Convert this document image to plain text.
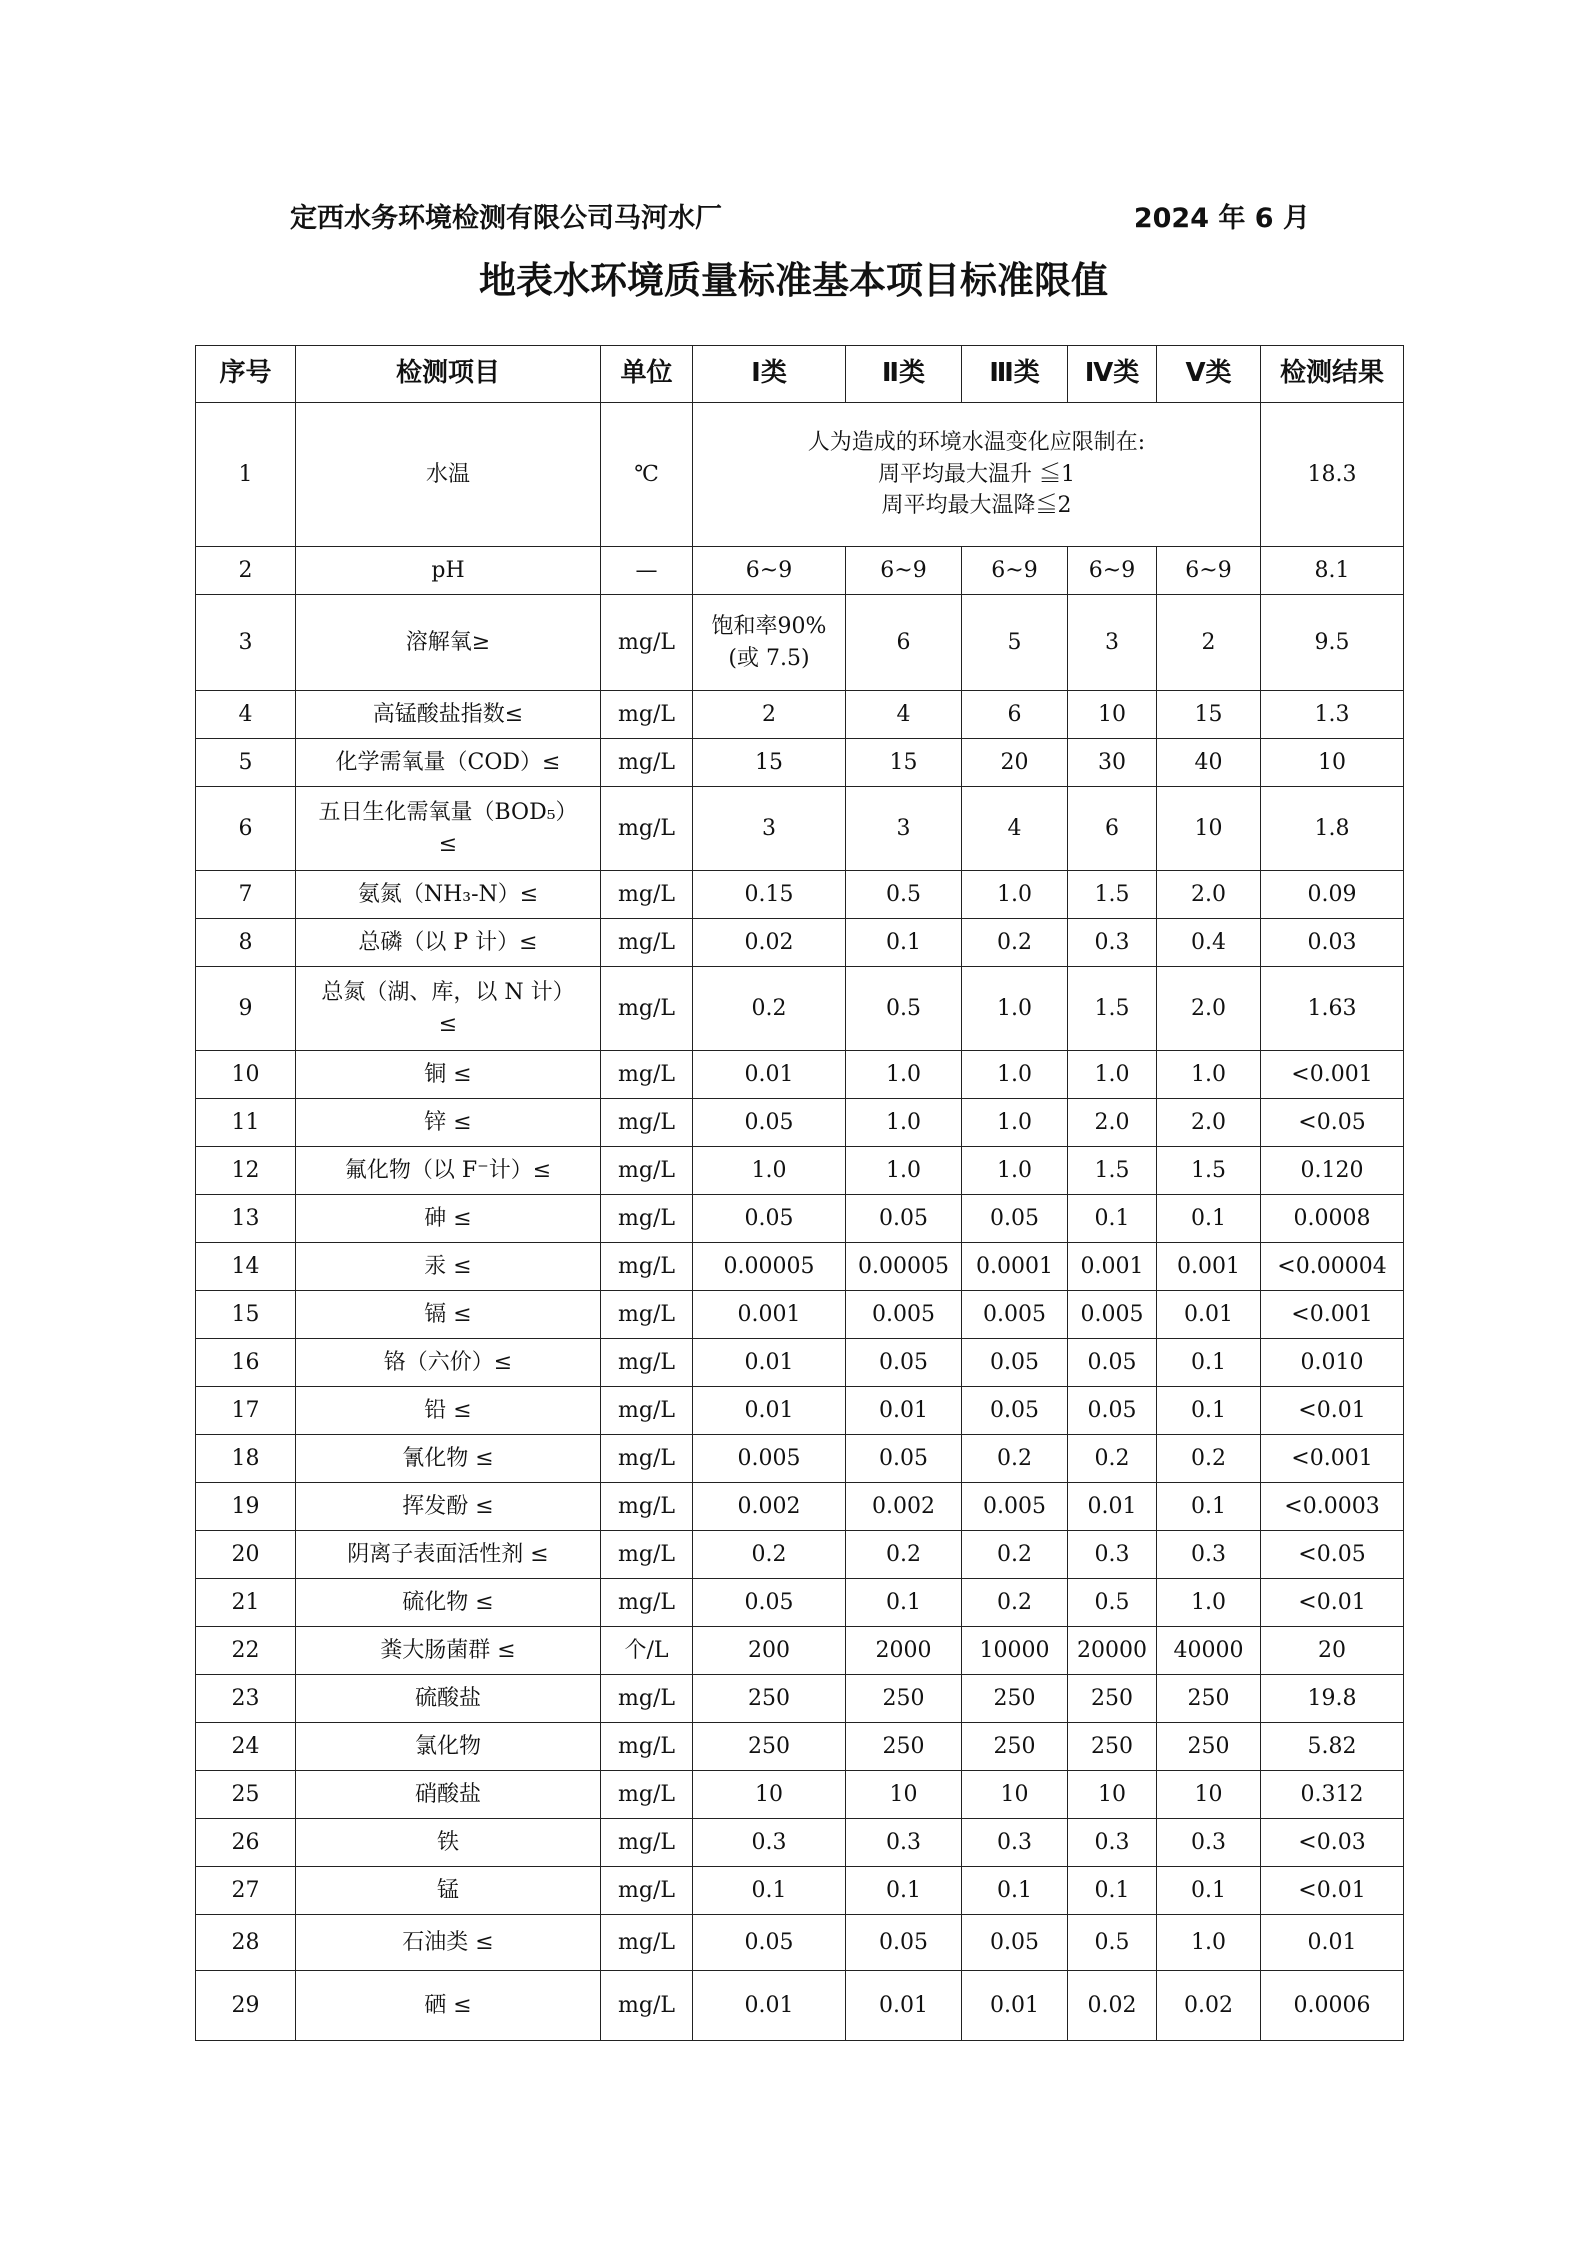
定西水务环境检测有限公司马河水厂	2024 年 6 月
地表水环境质量标准基本项目标准限值
序号	检测项目	单位	Ⅰ类	Ⅱ类	Ⅲ类	Ⅳ类	Ⅴ类	检测结果
1	水温	℃	人为造成的环境水温变化应限制在:
周平均最大温升 ≦1
周平均最大温降≦2					18.3
2	pH	—	6~9	6~9	6~9	6~9	6~9	8.1
3	溶解氧≥	mg/L	饱和率90%
(或 7.5)	6	5	3	2	9.5
4	高锰酸盐指数≤	mg/L	2	4	6	10	15	1.3
5	化学需氧量（COD）≤	mg/L	15	15	20	30	40	10
6	五日生化需氧量（BOD₅）
≤	mg/L	3	3	4	6	10	1.8
7	氨氮（NH₃-N）≤	mg/L	0.15	0.5	1.0	1.5	2.0	0.09
8	总磷（以 P 计）≤	mg/L	0.02	0.1	0.2	0.3	0.4	0.03
9	总氮（湖、库，以 N 计）
≤	mg/L	0.2	0.5	1.0	1.5	2.0	1.63
10	铜 ≤	mg/L	0.01	1.0	1.0	1.0	1.0	<0.001
11	锌 ≤	mg/L	0.05	1.0	1.0	2.0	2.0	<0.05
12	氟化物（以 F⁻计）≤	mg/L	1.0	1.0	1.0	1.5	1.5	0.120
13	砷 ≤	mg/L	0.05	0.05	0.05	0.1	0.1	0.0008
14	汞 ≤	mg/L	0.00005	0.00005	0.0001	0.001	0.001	<0.00004
15	镉 ≤	mg/L	0.001	0.005	0.005	0.005	0.01	<0.001
16	铬（六价）≤	mg/L	0.01	0.05	0.05	0.05	0.1	0.010
17	铅 ≤	mg/L	0.01	0.01	0.05	0.05	0.1	<0.01
18	氰化物 ≤	mg/L	0.005	0.05	0.2	0.2	0.2	<0.001
19	挥发酚 ≤	mg/L	0.002	0.002	0.005	0.01	0.1	<0.0003
20	阴离子表面活性剂 ≤	mg/L	0.2	0.2	0.2	0.3	0.3	<0.05
21	硫化物 ≤	mg/L	0.05	0.1	0.2	0.5	1.0	<0.01
22	粪大肠菌群 ≤	个/L	200	2000	10000	20000	40000	20
23	硫酸盐	mg/L	250	250	250	250	250	19.8
24	氯化物	mg/L	250	250	250	250	250	5.82
25	硝酸盐	mg/L	10	10	10	10	10	0.312
26	铁	mg/L	0.3	0.3	0.3	0.3	0.3	<0.03
27	锰	mg/L	0.1	0.1	0.1	0.1	0.1	<0.01
28	石油类 ≤	mg/L	0.05	0.05	0.05	0.5	1.0	0.01
29	硒 ≤	mg/L	0.01	0.01	0.01	0.02	0.02	0.0006
